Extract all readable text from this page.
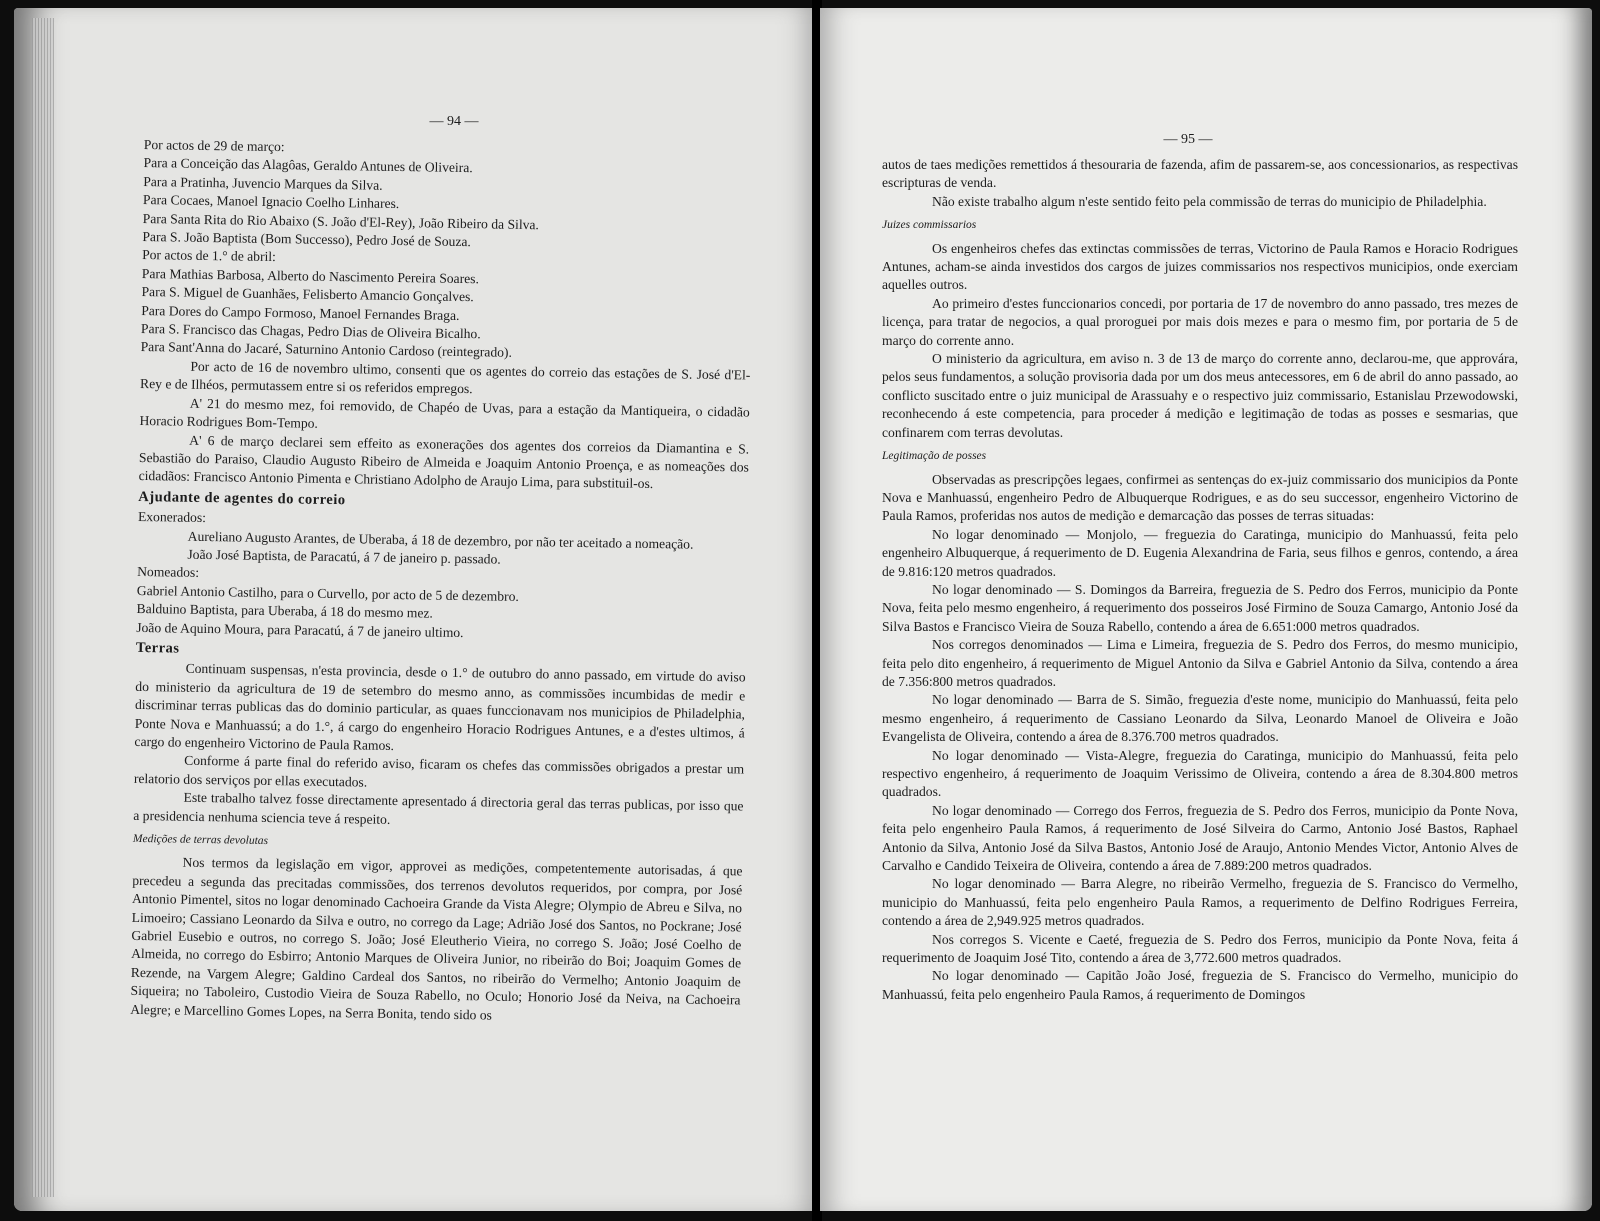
— 94 —

Por actos de 29 de março:

Para a Conceição das Alagôas, Geraldo Antunes de Oliveira.

Para a Pratinha, Juvencio Marques da Silva.

Para Cocaes, Manoel Ignacio Coelho Linhares.

Para Santa Rita do Rio Abaixo (S. João d'El-Rey), João Ribeiro da Silva.

Para S. João Baptista (Bom Successo), Pedro José de Souza.

Por actos de 1.° de abril:

Para Mathias Barbosa, Alberto do Nascimento Pereira Soares.

Para S. Miguel de Guanhães, Felisberto Amancio Gonçalves.

Para Dores do Campo Formoso, Manoel Fernandes Braga.

Para S. Francisco das Chagas, Pedro Dias de Oliveira Bicalho.

Para Sant'Anna do Jacaré, Saturnino Antonio Cardoso (reintegrado).

Por acto de 16 de novembro ultimo, consenti que os agentes do correio das estações de S. José d'El-Rey e de Ilhéos, permutassem entre si os referidos empregos.

A' 21 do mesmo mez, foi removido, de Chapéo de Uvas, para a estação da Mantiqueira, o cidadão Horacio Rodrigues Bom-Tempo.

A' 6 de março declarei sem effeito as exonerações dos agentes dos correios da Diamantina e S. Sebastião do Paraiso, Claudio Augusto Ribeiro de Almeida e Joaquim Antonio Proença, e as nomeações dos cidadãos: Francisco Antonio Pimenta e Christiano Adolpho de Araujo Lima, para substituil-os.

Ajudante de agentes do correio

Exonerados:

Aureliano Augusto Arantes, de Uberaba, á 18 de dezembro, por não ter aceitado a nomeação.

João José Baptista, de Paracatú, á 7 de janeiro p. passado.

Nomeados:

Gabriel Antonio Castilho, para o Curvello, por acto de 5 de dezembro.

Balduino Baptista, para Uberaba, á 18 do mesmo mez.

João de Aquino Moura, para Paracatú, á 7 de janeiro ultimo.

Terras

Continuam suspensas, n'esta provincia, desde o 1.° de outubro do anno passado, em virtude do aviso do ministerio da agricultura de 19 de setembro do mesmo anno, as commissões incumbidas de medir e discriminar terras publicas das do dominio particular, as quaes funccionavam nos municipios de Philadelphia, Ponte Nova e Manhuassú; a do 1.°, á cargo do engenheiro Horacio Rodrigues Antunes, e a d'estes ultimos, á cargo do engenheiro Victorino de Paula Ramos.

Conforme á parte final do referido aviso, ficaram os chefes das commissões obrigados a prestar um relatorio dos serviços por ellas executados.

Este trabalho talvez fosse directamente apresentado á directoria geral das terras publicas, por isso que a presidencia nenhuma sciencia teve á respeito.

Medições de terras devolutas

Nos termos da legislação em vigor, approvei as medições, competentemente autorisadas, á que precedeu a segunda das precitadas commissões, dos terrenos devolutos requeridos, por compra, por José Antonio Pimentel, sitos no logar denominado Cachoeira Grande da Vista Alegre; Olympio de Abreu e Silva, no Limoeiro; Cassiano Leonardo da Silva e outro, no corrego da Lage; Adrião José dos Santos, no Pockrane; José Gabriel Eusebio e outros, no corrego S. João; José Eleutherio Vieira, no corrego S. João; José Coelho de Almeida, no corrego do Esbirro; Antonio Marques de Oliveira Junior, no ribeirão do Boi; Joaquim Gomes de Rezende, na Vargem Alegre; Galdino Cardeal dos Santos, no ribeirão do Vermelho; Antonio Joaquim de Siqueira; no Taboleiro, Custodio Vieira de Souza Rabello, no Oculo; Honorio José da Neiva, na Cachoeira Alegre; e Marcellino Gomes Lopes, na Serra Bonita, tendo sido os

— 95 —

autos de taes medições remettidos á thesouraria de fazenda, afim de passarem-se, aos concessionarios, as respectivas escripturas de venda.

Não existe trabalho algum n'este sentido feito pela commissão de terras do municipio de Philadelphia.

Juizes commissarios

Os engenheiros chefes das extinctas commissões de terras, Victorino de Paula Ramos e Horacio Rodrigues Antunes, acham-se ainda investidos dos cargos de juizes commissarios nos respectivos municipios, onde exerciam aquelles outros.

Ao primeiro d'estes funccionarios concedi, por portaria de 17 de novembro do anno passado, tres mezes de licença, para tratar de negocios, a qual proroguei por mais dois mezes e para o mesmo fim, por portaria de 5 de março do corrente anno.

O ministerio da agricultura, em aviso n. 3 de 13 de março do corrente anno, declarou-me, que approvára, pelos seus fundamentos, a solução provisoria dada por um dos meus antecessores, em 6 de abril do anno passado, ao conflicto suscitado entre o juiz municipal de Arassuahy e o respectivo juiz commissario, Estanislau Przewodowski, reconhecendo á este competencia, para proceder á medição e legitimação de todas as posses e sesmarias, que confinarem com terras devolutas.

Legitimação de posses

Observadas as prescripções legaes, confirmei as sentenças do ex-juiz commissario dos municipios da Ponte Nova e Manhuassú, engenheiro Pedro de Albuquerque Rodrigues, e as do seu successor, engenheiro Victorino de Paula Ramos, proferidas nos autos de medição e demarcação das posses de terras situadas:

No logar denominado — Monjolo, — freguezia do Caratinga, municipio do Manhuassú, feita pelo engenheiro Albuquerque, á requerimento de D. Eugenia Alexandrina de Faria, seus filhos e genros, contendo, a área de 9.816:120 metros quadrados.

No logar denominado — S. Domingos da Barreira, freguezia de S. Pedro dos Ferros, municipio da Ponte Nova, feita pelo mesmo engenheiro, á requerimento dos posseiros José Firmino de Souza Camargo, Antonio José da Silva Bastos e Francisco Vieira de Souza Rabello, contendo a área de 6.651:000 metros quadrados.

Nos corregos denominados — Lima e Limeira, freguezia de S. Pedro dos Ferros, do mesmo municipio, feita pelo dito engenheiro, á requerimento de Miguel Antonio da Silva e Gabriel Antonio da Silva, contendo a área de 7.356:800 metros quadrados.

No logar denominado — Barra de S. Simão, freguezia d'este nome, municipio do Manhuassú, feita pelo mesmo engenheiro, á requerimento de Cassiano Leonardo da Silva, Leonardo Manoel de Oliveira e João Evangelista de Oliveira, contendo a área de 8.376.700 metros quadrados.

No logar denominado — Vista-Alegre, freguezia do Caratinga, municipio do Manhuassú, feita pelo respectivo engenheiro, á requerimento de Joaquim Verissimo de Oliveira, contendo a área de 8.304.800 metros quadrados.

No logar denominado — Corrego dos Ferros, freguezia de S. Pedro dos Ferros, municipio da Ponte Nova, feita pelo engenheiro Paula Ramos, á requerimento de José Silveira do Carmo, Antonio José Bastos, Raphael Antonio da Silva, Antonio José da Silva Bastos, Antonio José de Araujo, Antonio Mendes Victor, Antonio Alves de Carvalho e Candido Teixeira de Oliveira, contendo a área de 7.889:200 metros quadrados.

No logar denominado — Barra Alegre, no ribeirão Vermelho, freguezia de S. Francisco do Vermelho, municipio do Manhuassú, feita pelo engenheiro Paula Ramos, a requerimento de Delfino Rodrigues Ferreira, contendo a área de 2,949.925 metros quadrados.

Nos corregos S. Vicente e Caeté, freguezia de S. Pedro dos Ferros, municipio da Ponte Nova, feita á requerimento de Joaquim José Tito, contendo a área de 3,772.600 metros quadrados.

No logar denominado — Capitão João José, freguezia de S. Francisco do Vermelho, municipio do Manhuassú, feita pelo engenheiro Paula Ramos, á requerimento de Domingos
